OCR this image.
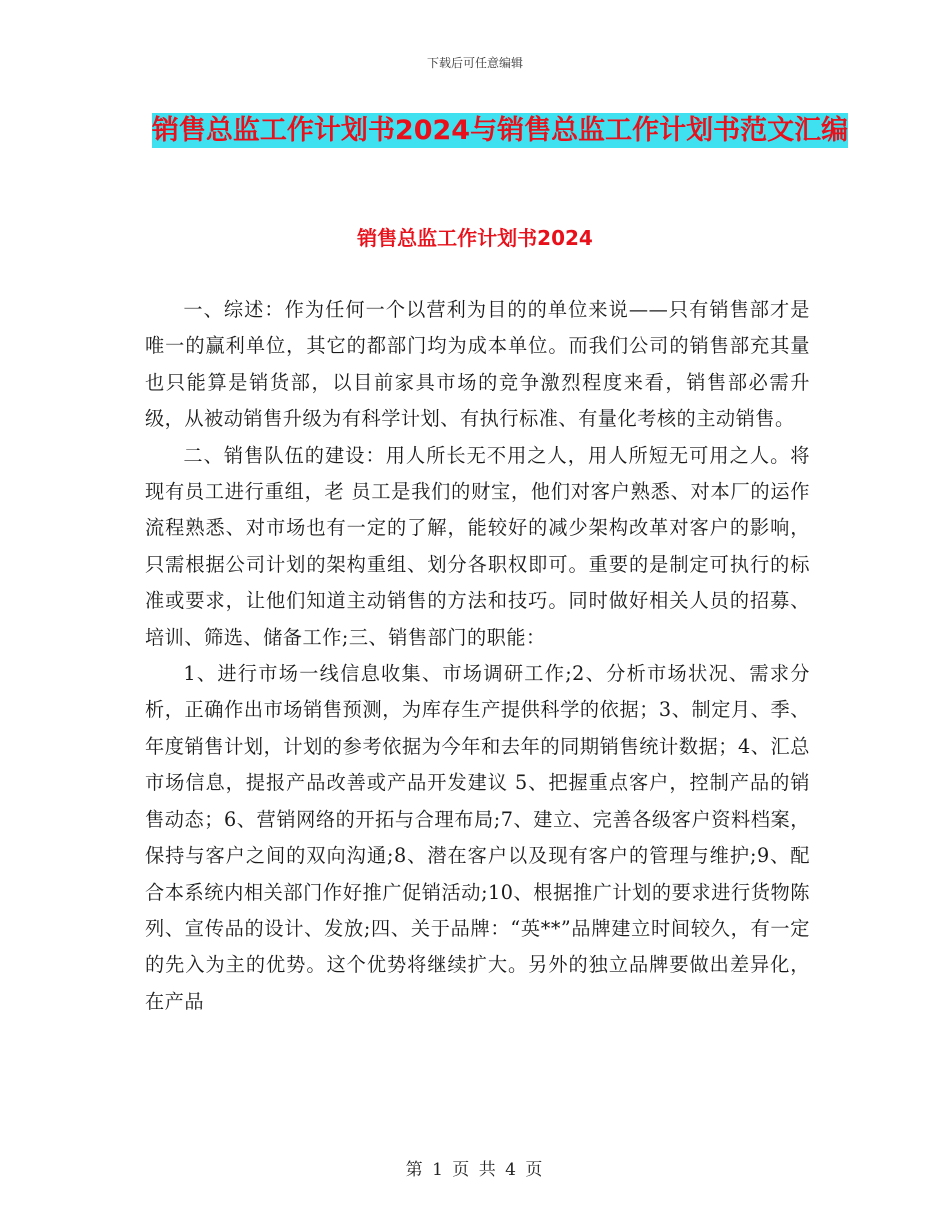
下载后可任意编辑
销售总监工作计划书2024与销售总监工作计划书范文汇编
销售总监工作计划书2024

一、综述：作为任何一个以营利为目的的单位来说——只有销售部才是唯一的赢利单位，其它的都部门均为成本单位。而我们公司的销售部充其量也只能算是销货部，以目前家具市场的竞争激烈程度来看，销售部必需升级，从被动销售升级为有科学计划、有执行标准、有量化考核的主动销售。

二、销售队伍的建设：用人所长无不用之人，用人所短无可用之人。将现有员工进行重组，老 员工是我们的财宝，他们对客户熟悉、对本厂的运作流程熟悉、对市场也有一定的了解，能较好的减少架构改革对客户的影响，只需根据公司计划的架构重组、划分各职权即可。重要的是制定可执行的标准或要求，让他们知道主动销售的方法和技巧。同时做好相关人员的招募、培训、筛选、储备工作;三、销售部门的职能：

1、进行市场一线信息收集、市场调研工作;2、分析市场状况、需求分析，正确作出市场销售预测，为库存生产提供科学的依据；3、制定月、季、年度销售计划，计划的参考依据为今年和去年的同期销售统计数据；4、汇总市场信息，提报产品改善或产品开发建议 5、把握重点客户，控制产品的销售动态；6、营销网络的开拓与合理布局;7、建立、完善各级客户资料档案，保持与客户之间的双向沟通;8、潜在客户以及现有客户的管理与维护;9、配合本系统内相关部门作好推广促销活动;10、根据推广计划的要求进行货物陈列、宣传品的设计、发放;四、关于品牌：“英**”品牌建立时间较久，有一定的先入为主的优势。这个优势将继续扩大。另外的独立品牌要做出差异化，在产品

第 1 页 共 4 页
